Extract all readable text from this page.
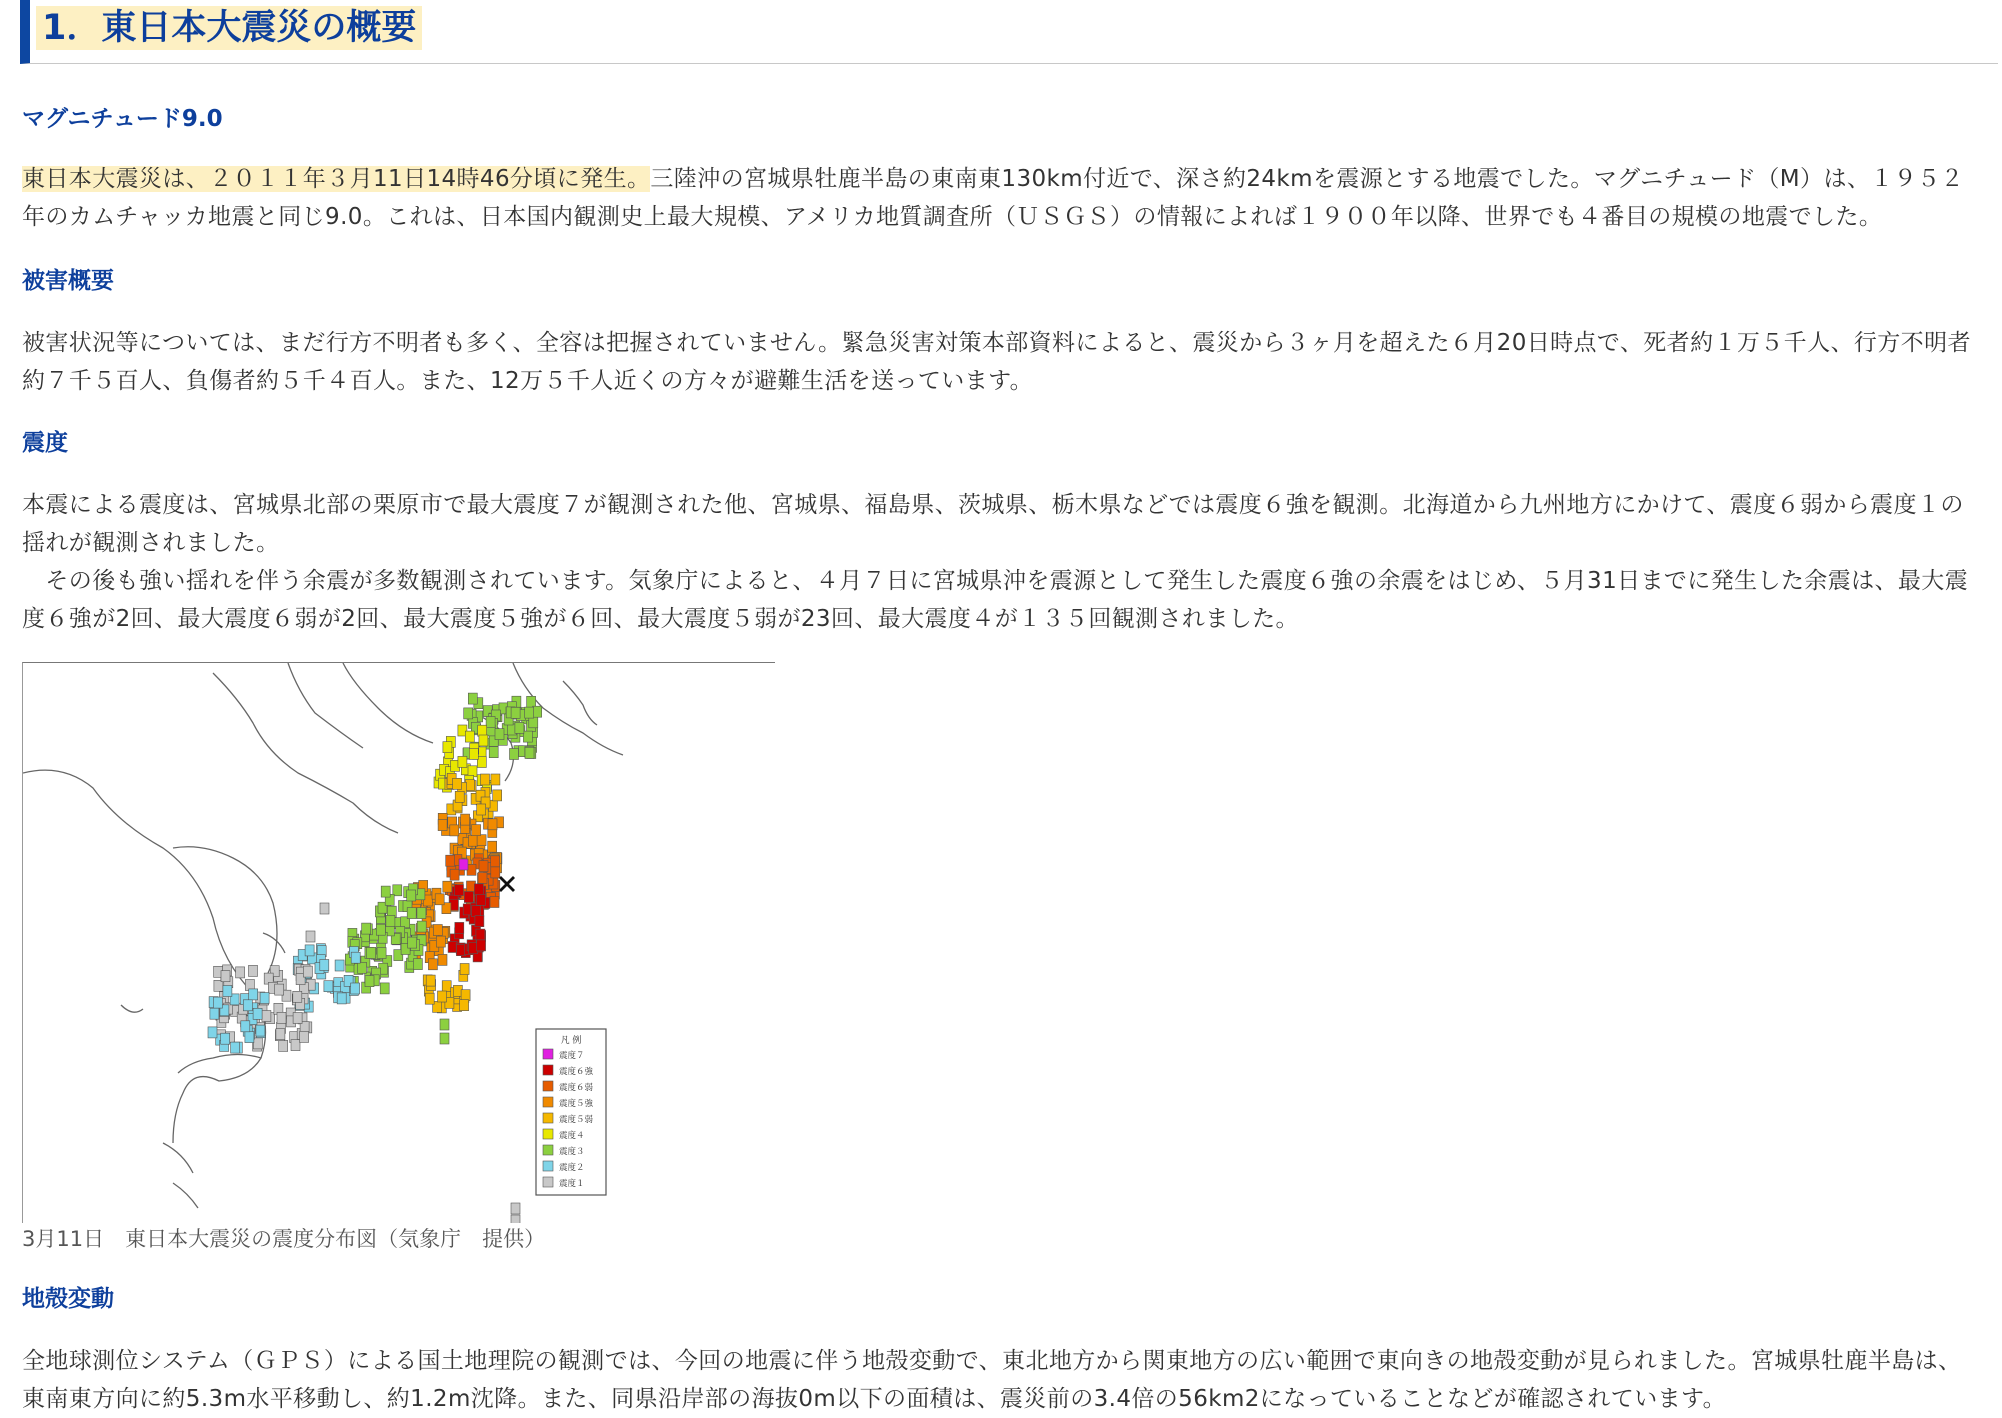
1．東日本大震災の概要
マグニチュード9.0

東日本大震災は、２０１１年３月11日14時46分頃に発生。三陸沖の宮城県牡鹿半島の東南東130km付近で、深さ約24kmを震源とする地震でした。マグニチュード（M）は、１９５２年のカムチャッカ地震と同じ9.0。これは、日本国内観測史上最大規模、アメリカ地質調査所（ＵＳＧＳ）の情報によれば１９００年以降、世界でも４番目の規模の地震でした。

被害概要

被害状況等については、まだ行方不明者も多く、全容は把握されていません。緊急災害対策本部資料によると、震災から３ヶ月を超えた６月20日時点で、死者約１万５千人、行方不明者約７千５百人、負傷者約５千４百人。また、12万５千人近くの方々が避難生活を送っています。

震度

本震による震度は、宮城県北部の栗原市で最大震度７が観測された他、宮城県、福島県、茨城県、栃木県などでは震度６強を観測。北海道から九州地方にかけて、震度６弱から震度１の揺れが観測されました。

　その後も強い揺れを伴う余震が多数観測されています。気象庁によると、４月７日に宮城県沖を震源として発生した震度６強の余震をはじめ、５月31日までに発生した余震は、最大震度６強が2回、最大震度６弱が2回、最大震度５強が６回、最大震度５弱が23回、最大震度４が１３５回観測されました。

凡 例
震度７
震度６強
震度６弱
震度５強
震度５弱
震度４
震度３
震度２
震度１

3月11日　東日本大震災の震度分布図（気象庁　提供）

地殻変動

全地球測位システム（ＧＰＳ）による国土地理院の観測では、今回の地震に伴う地殻変動で、東北地方から関東地方の広い範囲で東向きの地殻変動が見られました。宮城県牡鹿半島は、東南東方向に約5.3m水平移動し、約1.2m沈降。また、同県沿岸部の海抜0m以下の面積は、震災前の3.4倍の56km2になっていることなどが確認されています。
